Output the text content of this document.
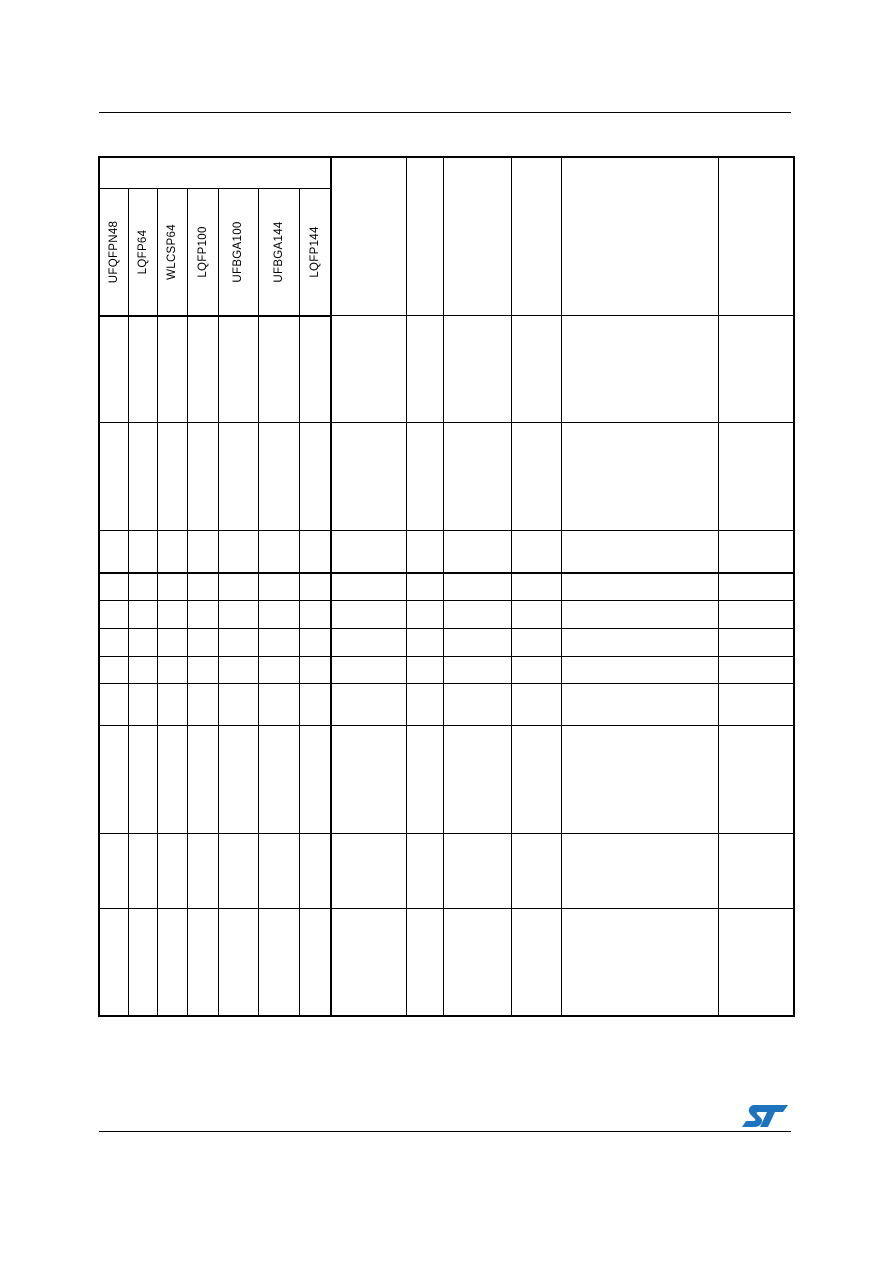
UFQFPN48	LQFP64	WLCSP64	LQFP100	UFBGA100	UFBGA144	LQFP144						
